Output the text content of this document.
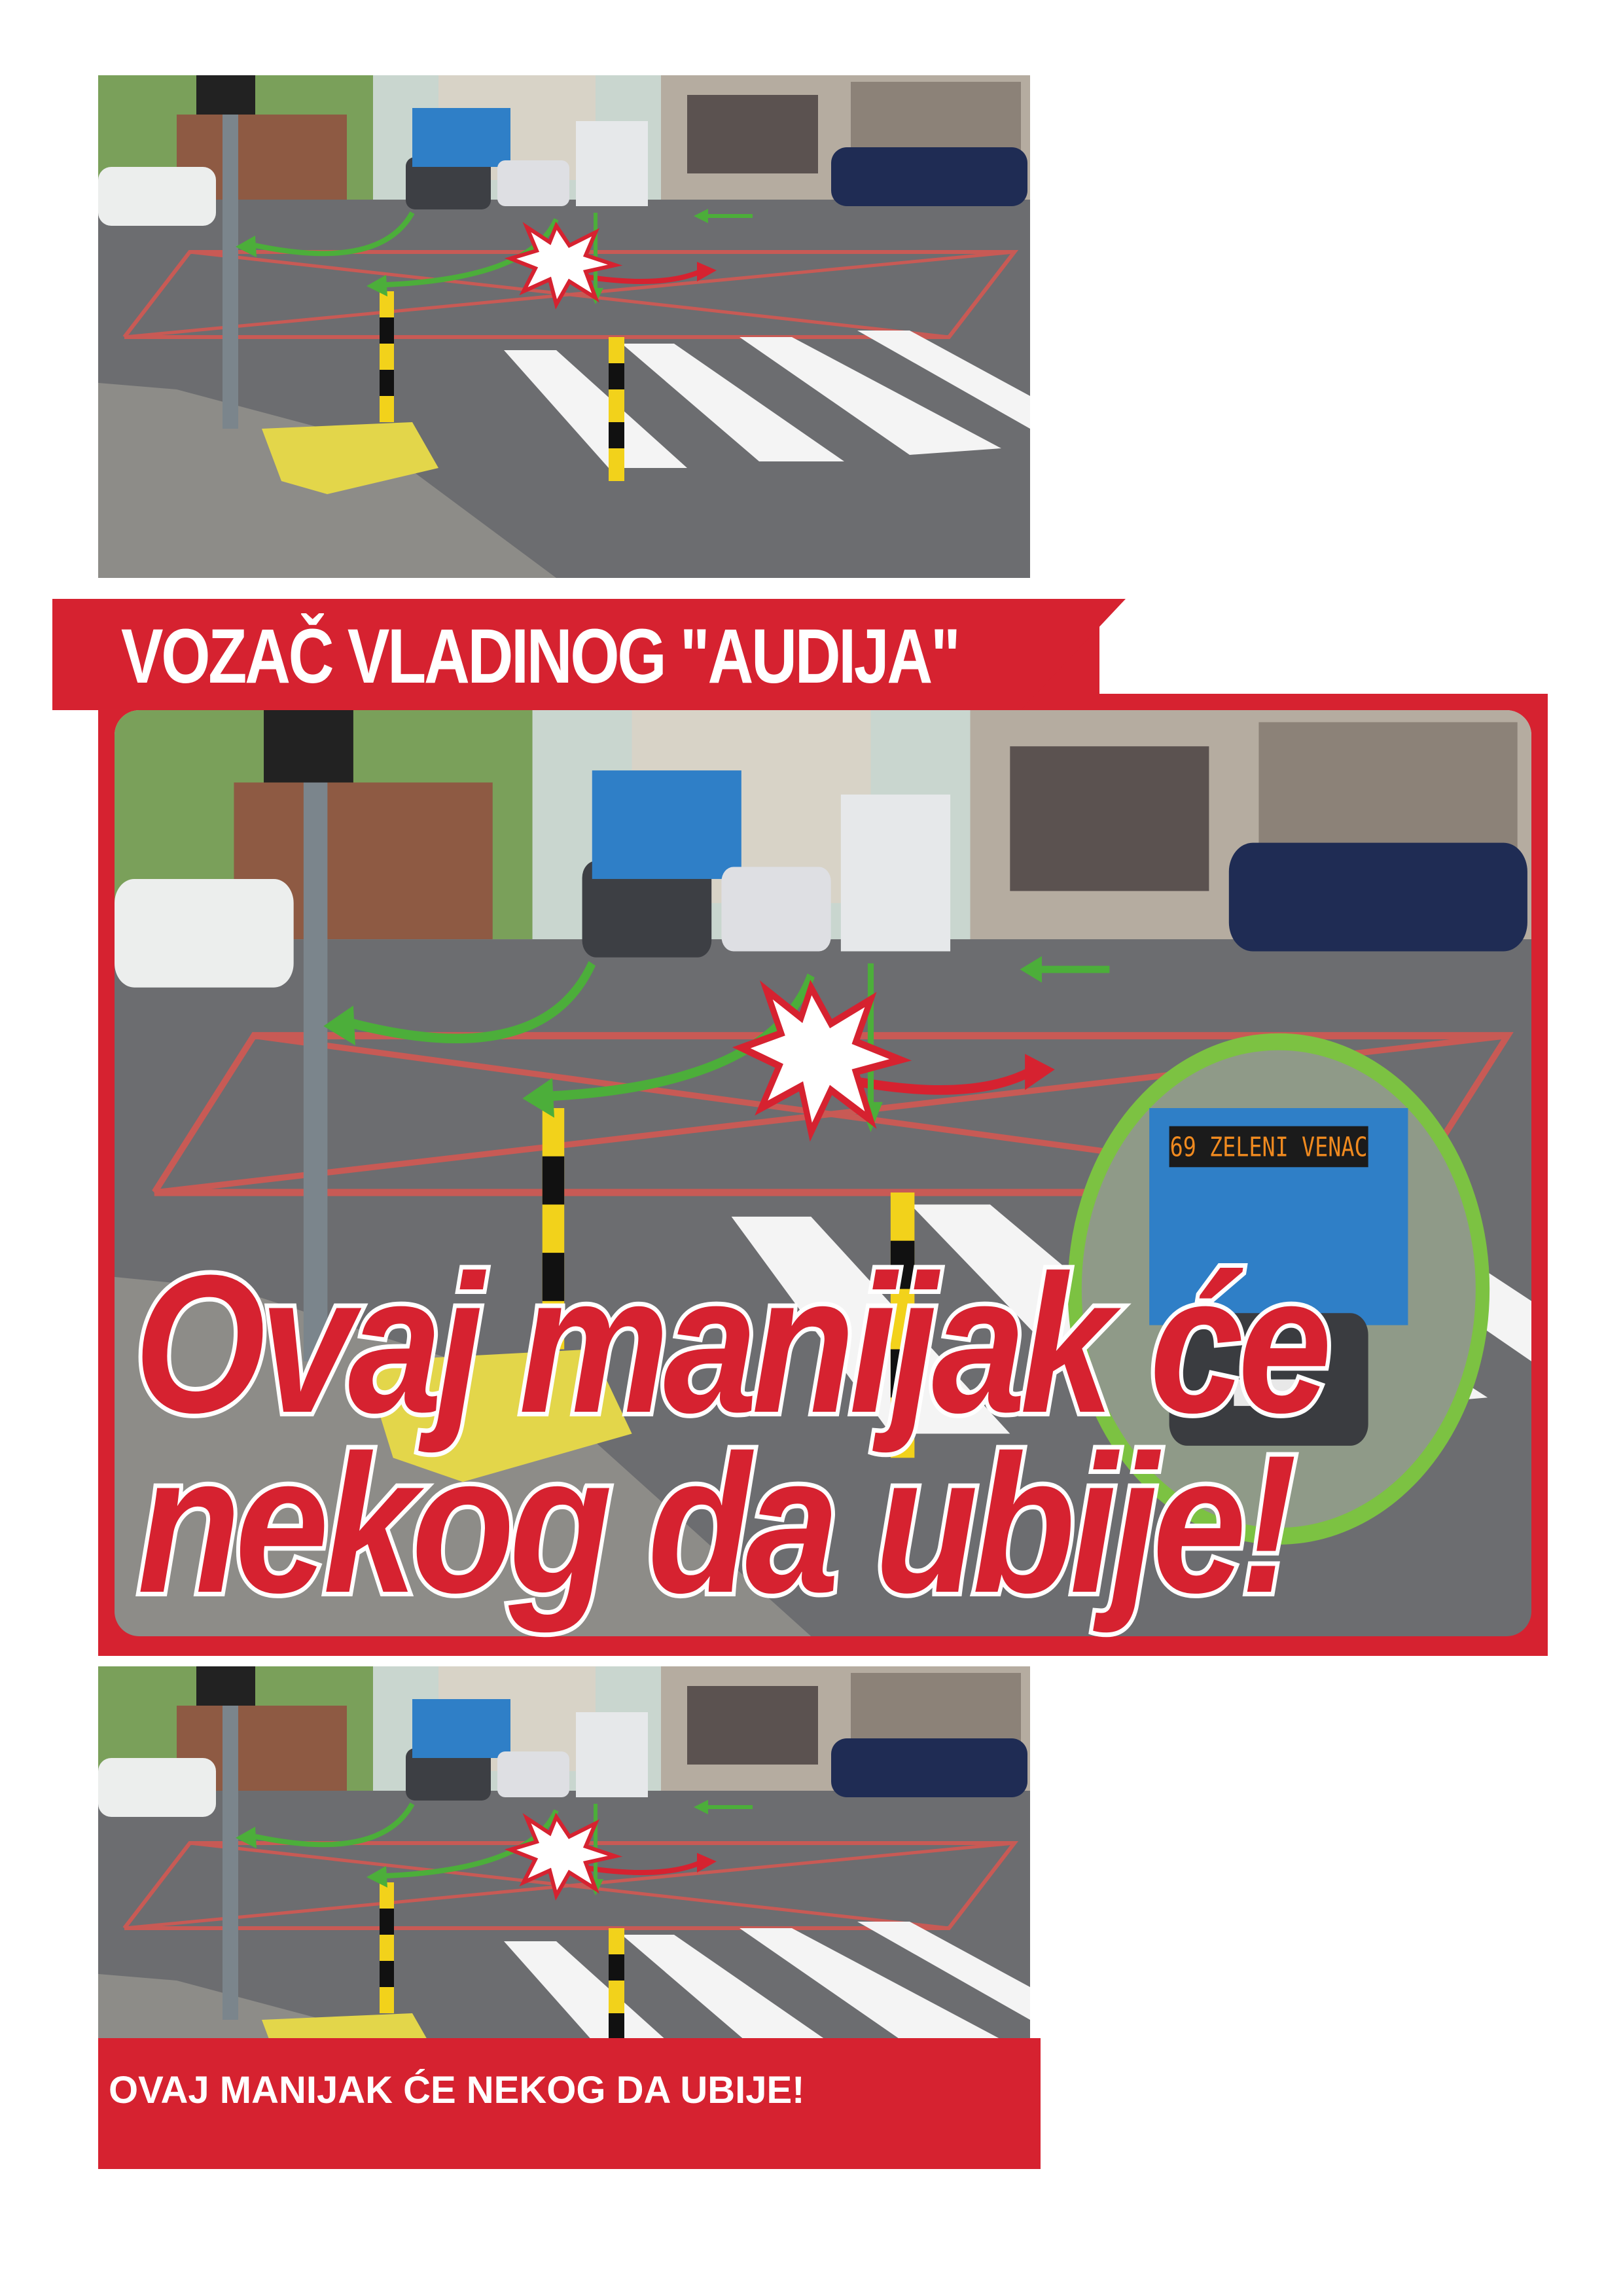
VOZAČ VLADINOG "AUDIJA"
69 ZELENI VENAC
Ovaj manijak će
nekog da ubije!
OVAJ MANIJAK ĆE NEKOG DA UBIJE!
